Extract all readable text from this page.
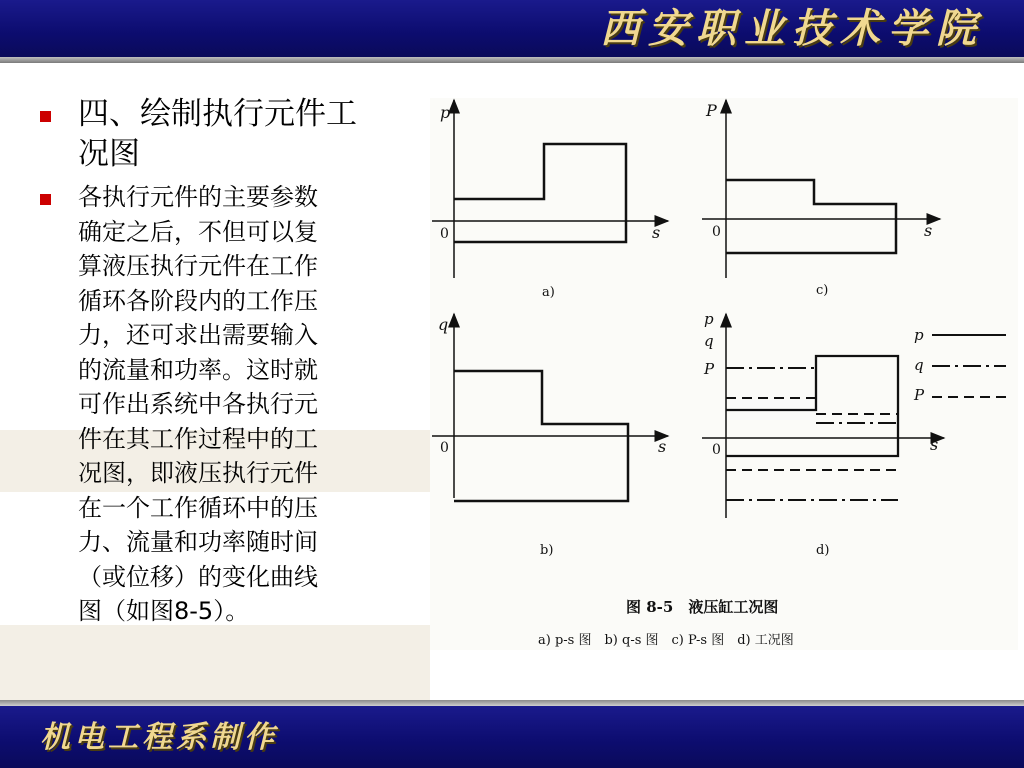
西安职业技术学院
四、绘制执行元件工况图
各执行元件的主要参数确定之后，不但可以复算液压执行元件在工作循环各阶段内的工作压力，还可求出需要输入的流量和功率。这时就可作出系统中各执行元件在其工作过程中的工况图，即液压执行元件在一个工作循环中的压力、流量和功率随时间（或位移）的变化曲线图（如图8-5）。
p
0	s
a)
P
0	s
c)
q
0	s
b)
p
q
P
0	s
d)
p
q
P
图 8-5　液压缸工况图
a) p-s 图　b) q-s 图　c) P-s 图　d) 工况图
机电工程系制作
